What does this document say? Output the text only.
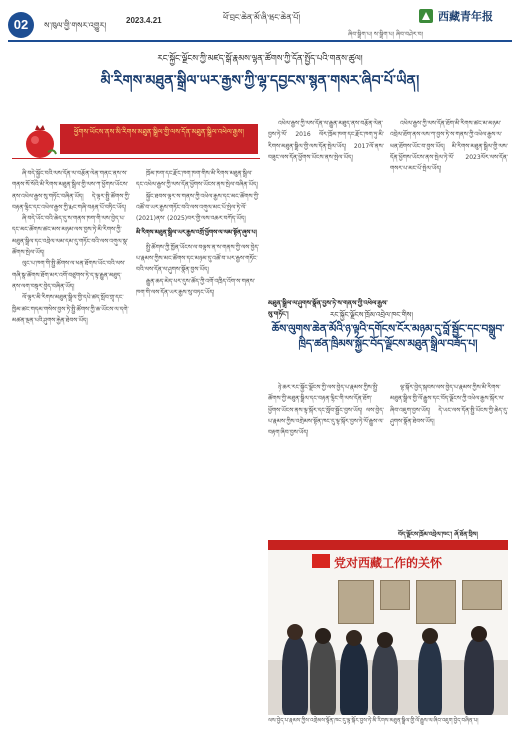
02	ས་ཁུལ་གྱི་གསར་འགྱུར།
2023.4.21	ཕོ་བྲང་ཆེན་མོ་ཞི་ཝང་ཆེན་པོ།
ཞིབ་སྒྲིག་པ། ས་སྒྲིག་པ། ཞིབ་བཤེར་བ།
西藏青年报
རང་སྐྱོང་ལྗོངས་ཀྱི་མཛད་སྒོ་རྣམས་ལྷན་ཚོགས་ཀྱི་དོན་སྤྱོད་པའི་གནས་ཚུལ།
མི་རིགས་མཐུན་སྒྲིལ་ཡར་རྒྱས་ཀྱི་ལྷ་དབྱངས་སྙན་གསར་ཞིབ་པོ་ཡིན།
ཕྱོགས་ཡོངས་ནས་མི་རིགས་མཐུན་སྒྲིལ་གྱི་ལས་དོན་མཐུན་སྒྲིལ་འཕེལ་རྒྱས།

ཞི་བདེ་སྐྱོང་བའི་ལས་དོན་ལ་བརྩོན་ལེན་གནང་ནས་ས་གནས་སོ་སོའི་མི་རིགས་མཐུན་སྒྲིལ་གྱི་ལས་ཀ་ཕྱོགས་ཡོངས་ནས་འཕེལ་རྒྱས་སུ་གཏོང་བཞིན་ཡོད། དེ་ལྟར་སྤྱི་ཚོགས་ཀྱི་བརྟན་ལྷིང་དང་འཕེལ་རྒྱས་ཀྱི་རྨང་གཞི་བརྟན་པོ་བཏིང་ཡོད།

ཞི་བདེ་ཡོང་བའི་ཆེད་དུ་ས་གནས་ཁག་གི་ལས་བྱེད་པ་དང་མང་ཚོགས་ཚང་མས་མཉམ་ལས་བྱས་ཏེ་མི་རིགས་ཀྱི་མཐུན་སྒྲིལ་དང་འབྲེལ་ལམ་དམ་དུ་གཏོང་བའི་ལས་འགུལ་སྣ་ཚོགས་སྤེལ་ཡོད།

ལུང་པ་ཁག་གི་སྤྱི་ཚོགས་ལ་ཕན་ཐོགས་ཡོང་བའི་ལས་གཞི་སྣ་ཚོགས་ཐོག་མར་འགོ་བཙུགས་ཏེ་ད་ལྟ་རྒྱུན་མཐུད་ནས་ལག་བསྟར་བྱེད་བཞིན་ཡོད།

ལོ་ལྟར་མི་རིགས་མཐུན་སྒྲིལ་གྱི་དཔེ་ཚད་སློབ་གྲྭ་དང་ཁྱིམ་ཚང་གདམ་གསེས་བྱས་ཏེ་སྤྱི་ཚོགས་ཀྱི་ཆ་ཡོངས་ལ་དགེ་མཚན་ལྡན་པའི་ཤུགས་རྐྱེན་ཐེབས་ཡོད།

ཁྲོམ་ཁག་དང་རྫོང་ཁག་ཁག་གིས་མི་རིགས་མཐུན་སྒྲིལ་དང་འཕེལ་རྒྱས་ཀྱི་ལས་དོན་ཕྱོགས་ཡོངས་ནས་སྤེལ་བཞིན་ཡོད།

སྐྱོང་ཐབས་ལྟར་ས་གནས་ཀྱི་འཕེལ་རྒྱས་དང་མང་ཚོགས་ཀྱི་འཚོ་བ་ཡར་རྒྱས་གཏོང་བའི་ལས་འགུལ་མང་པོ་སྤེལ་ཏེ་ལོ་ (2021)ནས་ (2025)བར་གྱི་ལས་འཆར་བཀོད་ཡོད།

མི་རིགས་མཐུན་སྒྲིལ་ཡར་རྒྱས་འགྲོ་ཕྱོགས་ལ་ལམ་སྟོན་ཞུས་པ།

སྤྱི་ཚོགས་ཀྱི་ཁྱོན་ཡོངས་ལ་བལྟས་ན་ས་གནས་ཀྱི་ལས་བྱེད་པ་རྣམས་ཀྱིས་མང་ཚོགས་དང་མཉམ་དུ་འཚོ་བ་ཡར་རྒྱས་གཏོང་བའི་ལས་དོན་ལ་ཤུགས་སྣོན་བྱས་ཡོད།

རྒྱུན་ཆད་མེད་པར་དུས་ཚོད་ཀྱི་འགོ་འཁྲིད་འོག་ས་གནས་ཁག་གི་ལས་དོན་ཡར་རྒྱས་སུ་བཏང་ཡོད།

འཕེལ་རྒྱས་ཀྱི་ལས་དོན་ལ་རྒྱུན་མཐུད་ནས་བརྩོན་ལེན་བྱས་ཏེ་ལོ་ 2016 ལོར་ཁྲོམ་ཁག་དང་རྫོང་ཁག་ཏུ་མི་རིགས་མཐུན་སྒྲིལ་གྱི་ལས་དོན་སྤེལ་ཡོད། 2017ལོ་ནས་བཟུང་ལས་དོན་ཕྱོགས་ཡོངས་ནས་སྤེལ་ཡོད།

མཐུན་སྒྲིལ་ལ་ཤུགས་སྣོན་བྱས་ཏེ་ས་གནས་ཀྱི་འཕེལ་རྒྱས་སུ་གཏོང་།

འཕེལ་རྒྱས་ཀྱི་ལས་དོན་ཐོག་མི་རིགས་ཚང་མ་མཉམ་འབྲེལ་ཐོག་ནས་ལས་ཀ་བྱས་ཏེ་ས་གནས་ཀྱི་འཕེལ་རྒྱས་ལ་ཕན་ཐོགས་ཡོང་བ་བྱས་ཡོད། མི་རིགས་མཐུན་སྒྲིལ་གྱི་ལས་དོན་ཕྱོགས་ཡོངས་ནས་སྤེལ་ཏེ་ལོ་ 2023ལོར་ལས་དོན་གསར་པ་མང་པོ་སྤེལ་ཡོད།

རང་སྐྱོང་ལྗོངས་ཁྲོམ་འབྲེལ་ཁང་གིས།
ཆོས་ལུགས་ཆེན་མོའི་ཉ་ལྟའི་དགོངས་ངོར་མཉམ་དུ་བློ་སྦྱོང་དང་བསྒྲུབ་ཁྲིད་ཚན་ཁྲིམས་སྐྱོང་བོད་ལྗོངས་མཐུན་སྒྲིལ་བཟོད་པ།

ཉེ་ཆར་རང་སྐྱོང་ལྗོངས་ཀྱི་ལས་བྱེད་པ་རྣམས་ཀྱིས་སྤྱི་ཚོགས་ཀྱི་མཐུན་སྒྲིལ་དང་བརྟན་ལྷིང་གི་ལས་དོན་ཐོག་ཕྱོགས་ཡོངས་ནས་ལྟ་སྐོར་དང་སློབ་སྦྱོང་བྱས་ཡོད། ལས་བྱེད་པ་རྣམས་ཀྱིས་འགྲེམས་སྟོན་ཁང་དུ་ལྟ་སྐོར་བྱས་ཏེ་ལོ་རྒྱུས་ལ་བརྟག་ཞིབ་བྱས་ཡོད།

ལྟ་སྐོར་བྱེད་སྐབས་ལས་བྱེད་པ་རྣམས་ཀྱིས་མི་རིགས་མཐུན་སྒྲིལ་གྱི་ལོ་རྒྱུས་དང་བོད་ལྗོངས་ཀྱི་འཕེལ་རྒྱས་སྐོར་ལ་ཞིབ་འཇུག་བྱས་ཡོད། དེ་ཡང་ལས་དོན་སྤྱི་ཡོངས་ཀྱི་ཆེད་དུ་ཤུགས་སྣོན་ཐེབས་ཡོད།

བོད་ལྗོངས་ཁྲོམ་འབྲེལ་ཁང་། ཞོ་ཐོན་བྲིས།
党对西藏工作的关怀
ལས་བྱེད་པ་རྣམས་ཀྱིས་འགྲེམས་སྟོན་ཁང་དུ་ལྟ་སྐོར་བྱས་ཏེ་མི་རིགས་མཐུན་སྒྲིལ་གྱི་ལོ་རྒྱུས་ལ་ཞིབ་འཇུག་བྱེད་བཞིན་པ།
